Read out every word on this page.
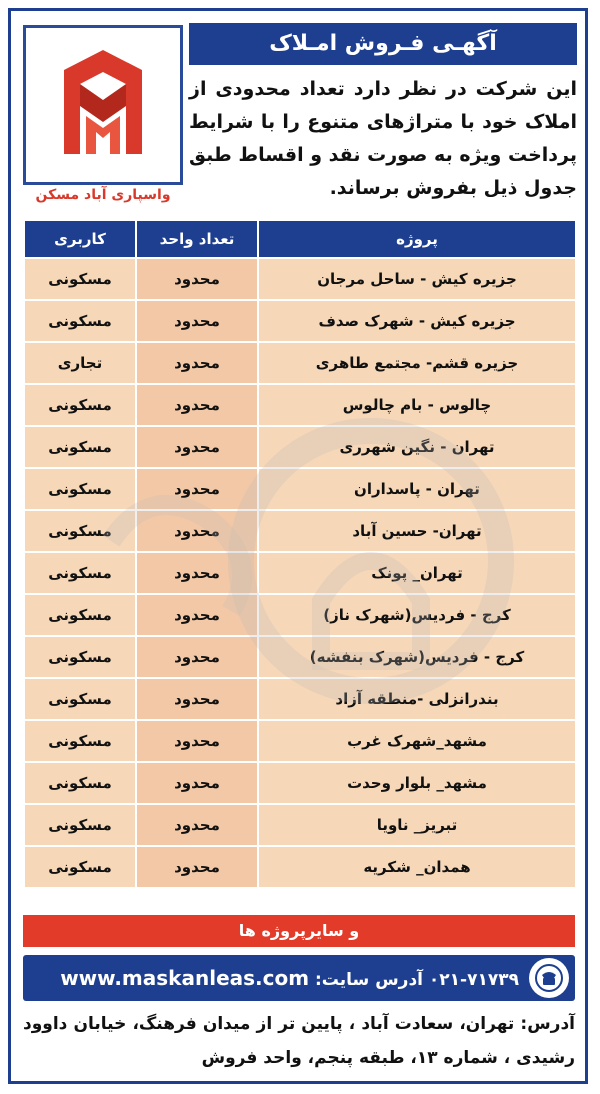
واسپاری آباد مسکن
آگهـی فـروش امـلاک
این شرکت در نظر دارد تعداد محدودی از املاک خود با متراژهای متنوع را با شرایط پرداخت ویژه به صورت نقد و اقساط طبق جدول ذیل بفروش برساند.
پروژه	تعداد واحد	کاربری
جزیره کیش - ساحل مرجان	محدود	مسکونی
جزیره کیش - شهرک صدف	محدود	مسکونی
جزیره قشم- مجتمع طاهری	محدود	تجاری
چالوس - بام چالوس	محدود	مسکونی
تهران - نگین شهرری	محدود	مسکونی
تهران - پاسداران	محدود	مسکونی
تهران- حسین آباد	محدود	مسکونی
تهران_ پونک	محدود	مسکونی
کرج - فردیس(شهرک ناز)	محدود	مسکونی
کرج - فردیس(شهرک بنفشه)	محدود	مسکونی
بندرانزلی -منطقه آزاد	محدود	مسکونی
مشهد_شهرک غرب	محدود	مسکونی
مشهد_ بلوار وحدت	محدود	مسکونی
تبریز_ ناویا	محدود	مسکونی
همدان_ شکریه	محدود	مسکونی
و سایرپروژه ها
۰۲۱-۷۱۷۳۹ آدرس سایت: www.maskanleas.com
آدرس: تهران، سعادت آباد ، پایین تر از میدان فرهنگ، خیابان داوود رشیدی ، شماره ۱۳، طبقه پنجم، واحد فروش
